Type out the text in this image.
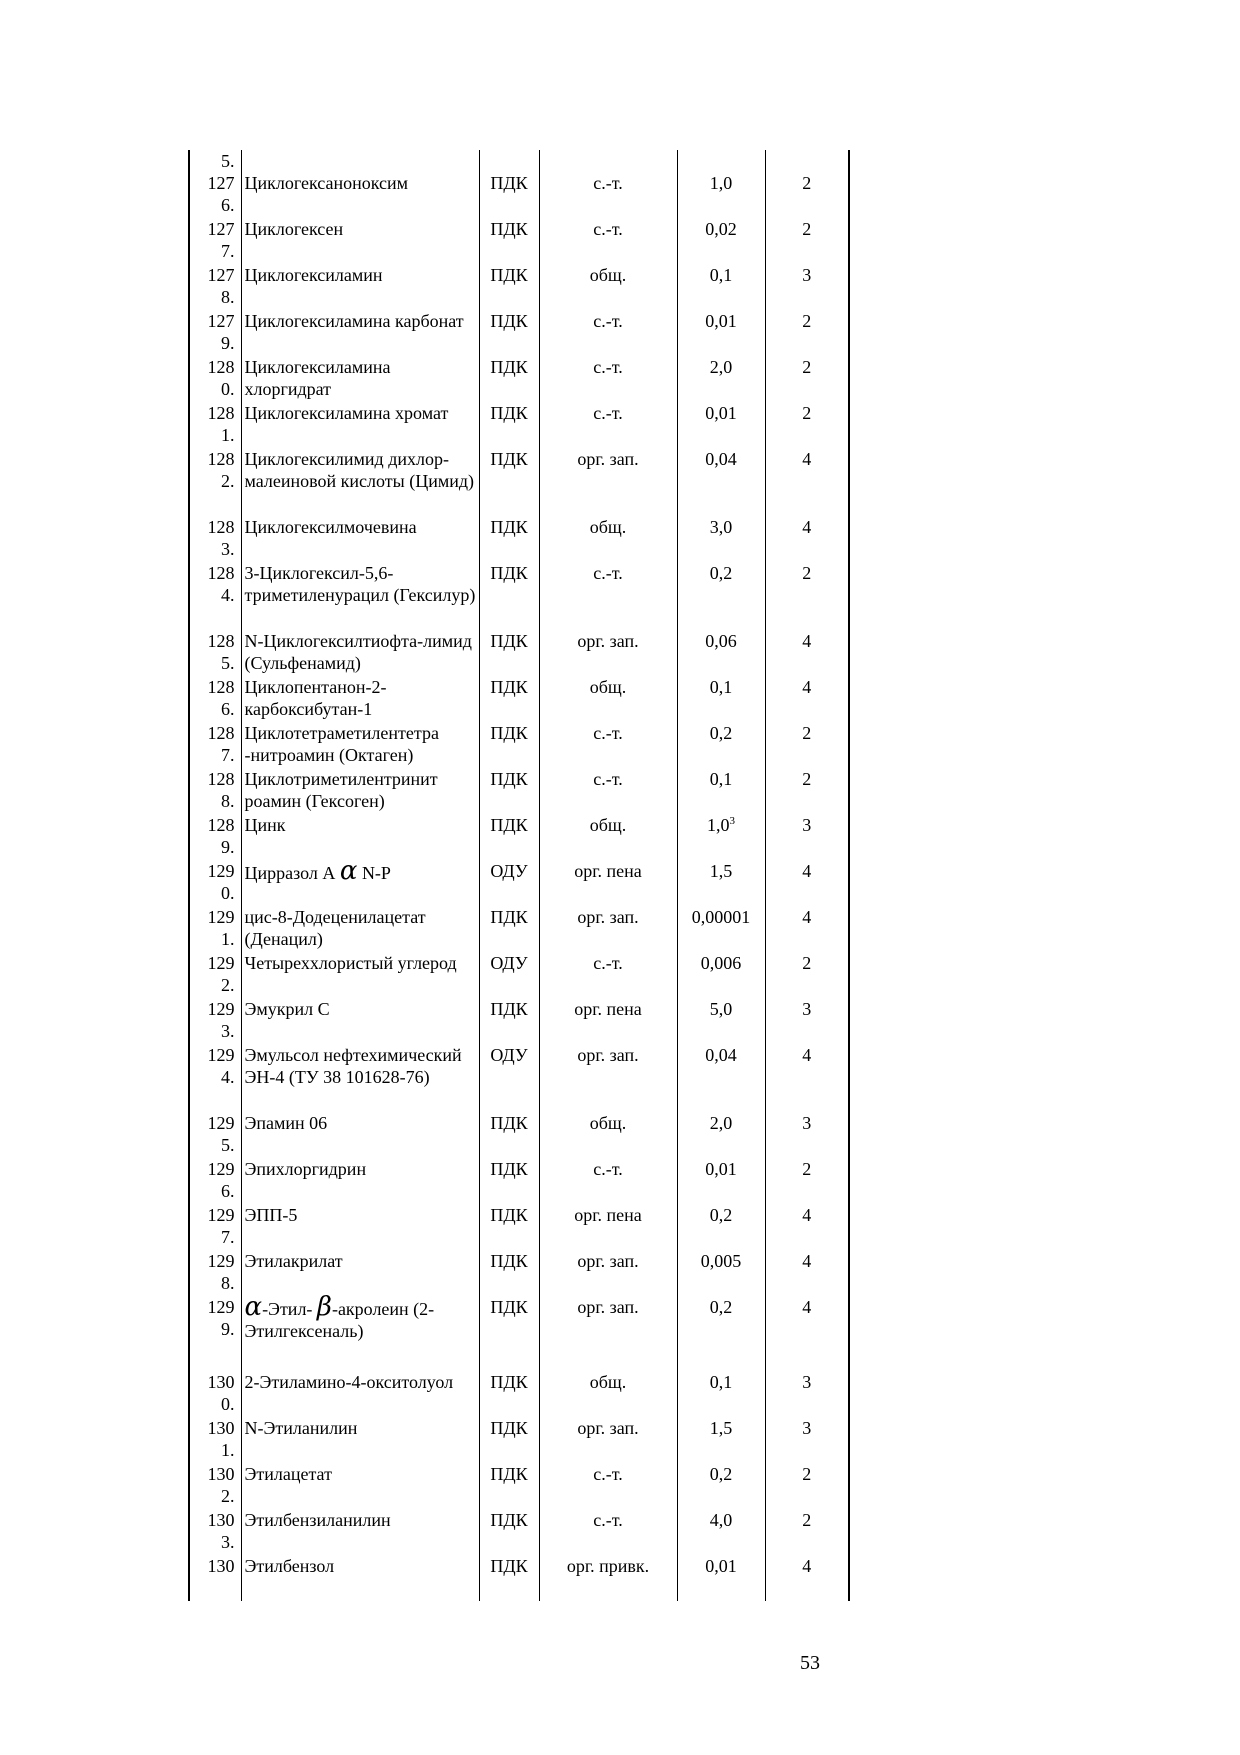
5.
127
6.	Циклогексаноноксим	ПДК	с.-т.	1,0	2

127
7.	Циклогексен	ПДК	с.-т.	0,02	2

127
8.	Циклогексиламин	ПДК	общ.	0,1	3

127
9.	Циклогексиламина карбонат	ПДК	с.-т.	0,01	2

128
0.	Циклогексиламина хлоргидрат	ПДК	с.-т.	2,0	2

128
1.	Циклогексиламина хромат	ПДК	с.-т.	0,01	2

128
2.	Циклогексилимид дихлор-малеиновой кислоты (Цимид)	ПДК	орг. зап.	0,04	4

128
3.	Циклогексилмочевина	ПДК	общ.	3,0	4

128
4.	3-Циклогексил-5,6-триметиленурацил (Гексилур)	ПДК	с.-т.	0,2	2

128
5.	N-Циклогексилтиофта-лимид (Сульфенамид)	ПДК	орг. зап.	0,06	4

128
6.	Циклопентанон-2-карбоксибутан-1	ПДК	общ.	0,1	4

128
7.	Циклотетраметилентетра -нитроамин (Октаген)	ПДК	с.-т.	0,2	2

128
8.	Циклотриметилентринит роамин (Гексоген)	ПДК	с.-т.	0,1	2

128
9.	Цинк	ПДК	общ.	$1,0^3$	3

129
0.	Цирразол А α N-P	ОДУ	орг. пена	1,5	4

129
1.	цис-8-Додеценилацетат (Денацил)	ПДК	орг. зап.	0,00001	4

129
2.	Четыреххлористый углерод	ОДУ	с.-т.	0,006	2

129
3.	Эмукрил С	ПДК	орг. пена	5,0	3

129
4.	Эмульсол нефтехимический ЭН-4 (ТУ 38 101628-76)	ОДУ	орг. зап.	0,04	4

129
5.	Эпамин 06	ПДК	общ.	2,0	3

129
6.	Эпихлоргидрин	ПДК	с.-т.	0,01	2

129
7.	ЭПП-5	ПДК	орг. пена	0,2	4

129
8.	Этилакрилат	ПДК	орг. зап.	0,005	4

129
9.	α-Этил- β-акролеин (2-
Этилгексеналь)	ПДК	орг. зап.	0,2	4

130
0.	2-Этиламино-4-окситолуол	ПДК	общ.	0,1	3

130
1.	N-Этиланилин	ПДК	орг. зап.	1,5	3

130
2.	Этилацетат	ПДК	с.-т.	0,2	2

130
3.	Этилбензиланилин	ПДК	с.-т.	4,0	2

130	Этилбензол	ПДК	орг. привк.	0,01	4
53
